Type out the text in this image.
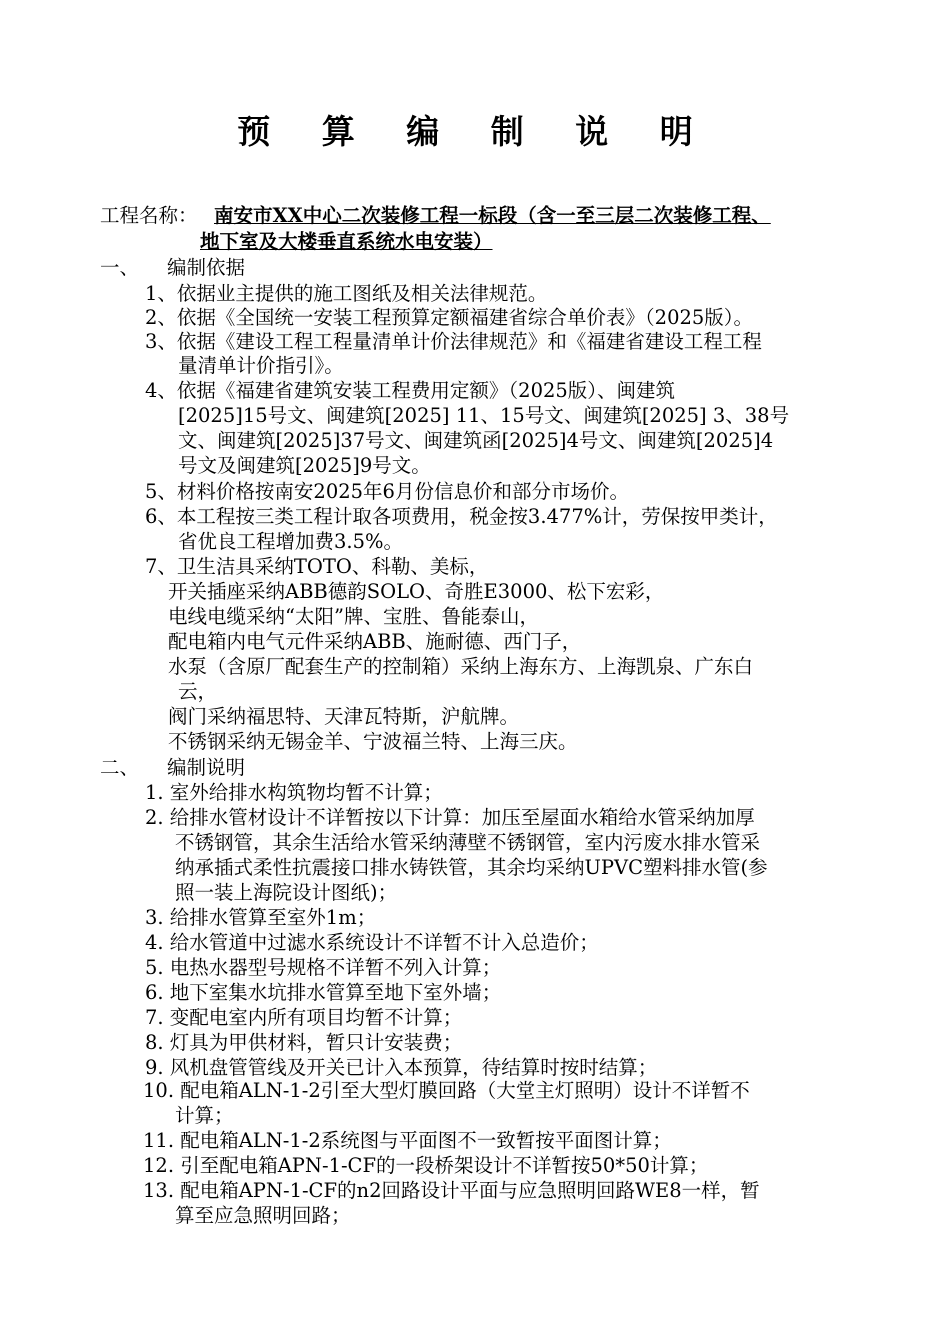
预 算 编 制 说 明
工程名称： 南安市XX中心二次装修工程一标段（含一至三层二次装修工程、
地下室及大楼垂直系统水电安装）
一、 编制依据
1、依据业主提供的施工图纸及相关法律规范。
2、依据《全国统一安装工程预算定额福建省综合单价表》（2025版）。
3、依据《建设工程工程量清单计价法律规范》和《福建省建设工程工程
量清单计价指引》。
4、依据《福建省建筑安装工程费用定额》（2025版）、闽建筑
[2025]15号文、闽建筑[2025] 11、15号文、闽建筑[2025] 3、38号
文、闽建筑[2025]37号文、闽建筑函[2025]4号文、闽建筑[2025]4
号文及闽建筑[2025]9号文。
5、材料价格按南安2025年6月份信息价和部分市场价。
6、本工程按三类工程计取各项费用，税金按3.477%计，劳保按甲类计，
省优良工程增加费3.5%。
7、卫生洁具采纳TOTO、科勒、美标，
开关插座采纳ABB德韵SOLO、奇胜E3000、松下宏彩，
电线电缆采纳“太阳”牌、宝胜、鲁能泰山，
配电箱内电气元件采纳ABB、施耐德、西门子，
水泵（含原厂配套生产的控制箱）采纳上海东方、上海凯泉、广东白
云，
阀门采纳福思特、天津瓦特斯，沪航牌。
不锈钢采纳无锡金羊、宁波福兰特、上海三庆。
二、 编制说明
1. 室外给排水构筑物均暂不计算；
2. 给排水管材设计不详暂按以下计算：加压至屋面水箱给水管采纳加厚
不锈钢管，其余生活给水管采纳薄壁不锈钢管，室内污废水排水管采
纳承插式柔性抗震接口排水铸铁管，其余均采纳UPVC塑料排水管(参
照一装上海院设计图纸)；
3. 给排水管算至室外1m；
4. 给水管道中过滤水系统设计不详暂不计入总造价；
5. 电热水器型号规格不详暂不列入计算；
6. 地下室集水坑排水管算至地下室外墙；
7. 变配电室内所有项目均暂不计算；
8. 灯具为甲供材料，暂只计安装费；
9. 风机盘管管线及开关已计入本预算，待结算时按时结算；
10. 配电箱ALN-1-2引至大型灯膜回路（大堂主灯照明）设计不详暂不
计算；
11. 配电箱ALN-1-2系统图与平面图不一致暂按平面图计算；
12. 引至配电箱APN-1-CF的一段桥架设计不详暂按50*50计算；
13. 配电箱APN-1-CF的n2回路设计平面与应急照明回路WE8一样，暂
算至应急照明回路；
